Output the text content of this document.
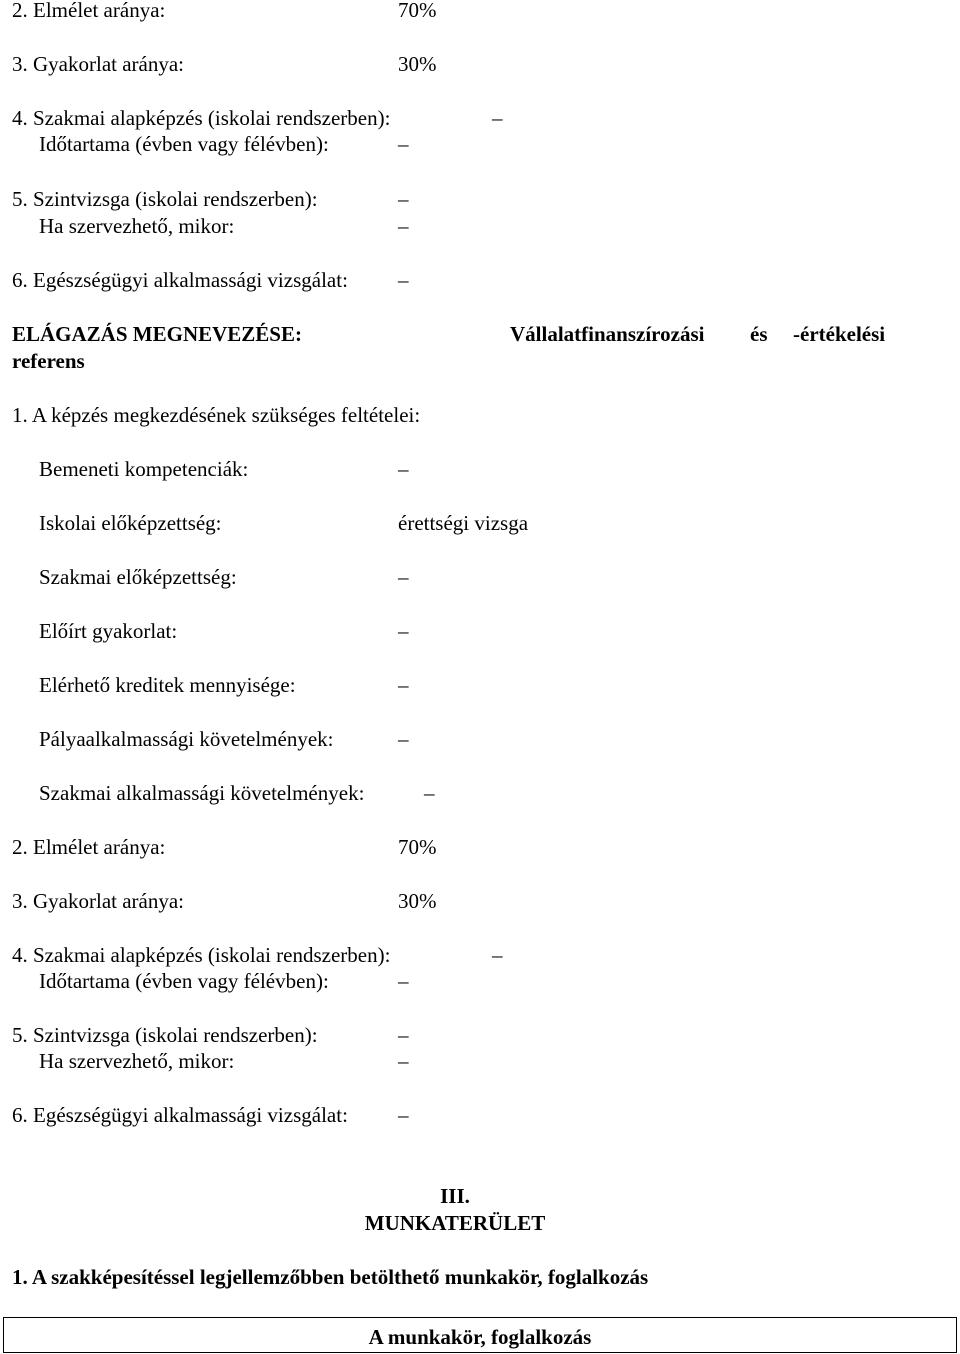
2. Elmélet aránya:	70%
3. Gyakorlat aránya:	30%
4. Szakmai alapképzés (iskolai rendszerben):	–
Időtartama (évben vagy félévben):	–
5. Szintvizsga (iskolai rendszerben):	–
Ha szervezhető, mikor:	–
6. Egészségügyi alkalmassági vizsgálat: –
ELÁGAZÁS MEGNEVEZÉSE:	Vállalatfinanszírozási és -értékelési
referens
1. A képzés megkezdésének szükséges feltételei:
Bemeneti kompetenciák:	–
Iskolai előképzettség:	érettségi vizsga
Szakmai előképzettség:	–
Előírt gyakorlat:	–
Elérhető kreditek mennyisége:	–
Pályaalkalmassági követelmények:	–
Szakmai alkalmassági követelmények:	–
2. Elmélet aránya:	70%
3. Gyakorlat aránya:	30%
4. Szakmai alapképzés (iskolai rendszerben):	–
Időtartama (évben vagy félévben):	–
5. Szintvizsga (iskolai rendszerben):	–
Ha szervezhető, mikor:	–
6. Egészségügyi alkalmassági vizsgálat: –
III.
MUNKATERÜLET
1. A szakképesítéssel legjellemzőbben betölthető munkakör, foglalkozás
A munkakör, foglalkozás
